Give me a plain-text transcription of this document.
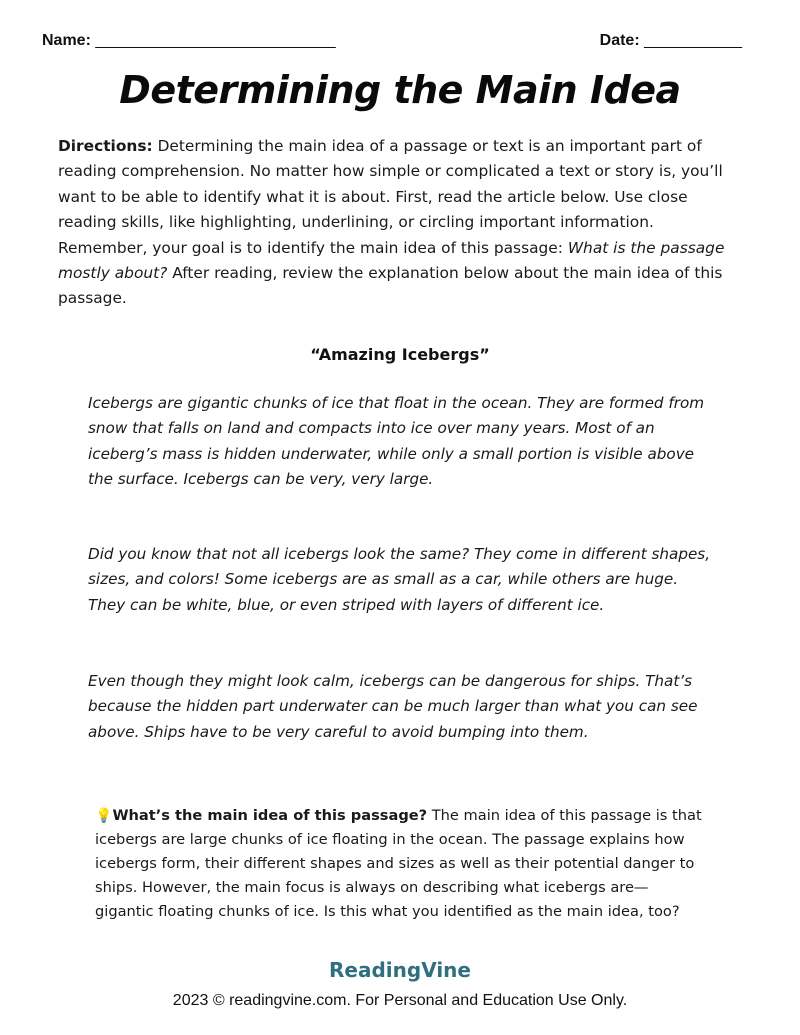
Name: ___________________________	Date: ___________
Determining the Main Idea
Directions: Determining the main idea of a passage or text is an important part of reading comprehension. No matter how simple or complicated a text or story is, you’ll want to be able to identify what it is about. First, read the article below. Use close reading skills, like highlighting, underlining, or circling important information. Remember, your goal is to identify the main idea of this passage: What is the passage mostly about? After reading, review the explanation below about the main idea of this passage.
“Amazing Icebergs”
Icebergs are gigantic chunks of ice that float in the ocean. They are formed from snow that falls on land and compacts into ice over many years. Most of an iceberg’s mass is hidden underwater, while only a small portion is visible above the surface. Icebergs can be very, very large.
Did you know that not all icebergs look the same? They come in different shapes, sizes, and colors! Some icebergs are as small as a car, while others are huge. They can be white, blue, or even striped with layers of different ice.
Even though they might look calm, icebergs can be dangerous for ships. That’s because the hidden part underwater can be much larger than what you can see above. Ships have to be very careful to avoid bumping into them.
💡What’s the main idea of this passage? The main idea of this passage is that icebergs are large chunks of ice floating in the ocean. The passage explains how icebergs form, their different shapes and sizes as well as their potential danger to ships. However, the main focus is always on describing what icebergs are—gigantic floating chunks of ice. Is this what you identified as the main idea, too?
ReadingVine
2023 © readingvine.com. For Personal and Education Use Only.
